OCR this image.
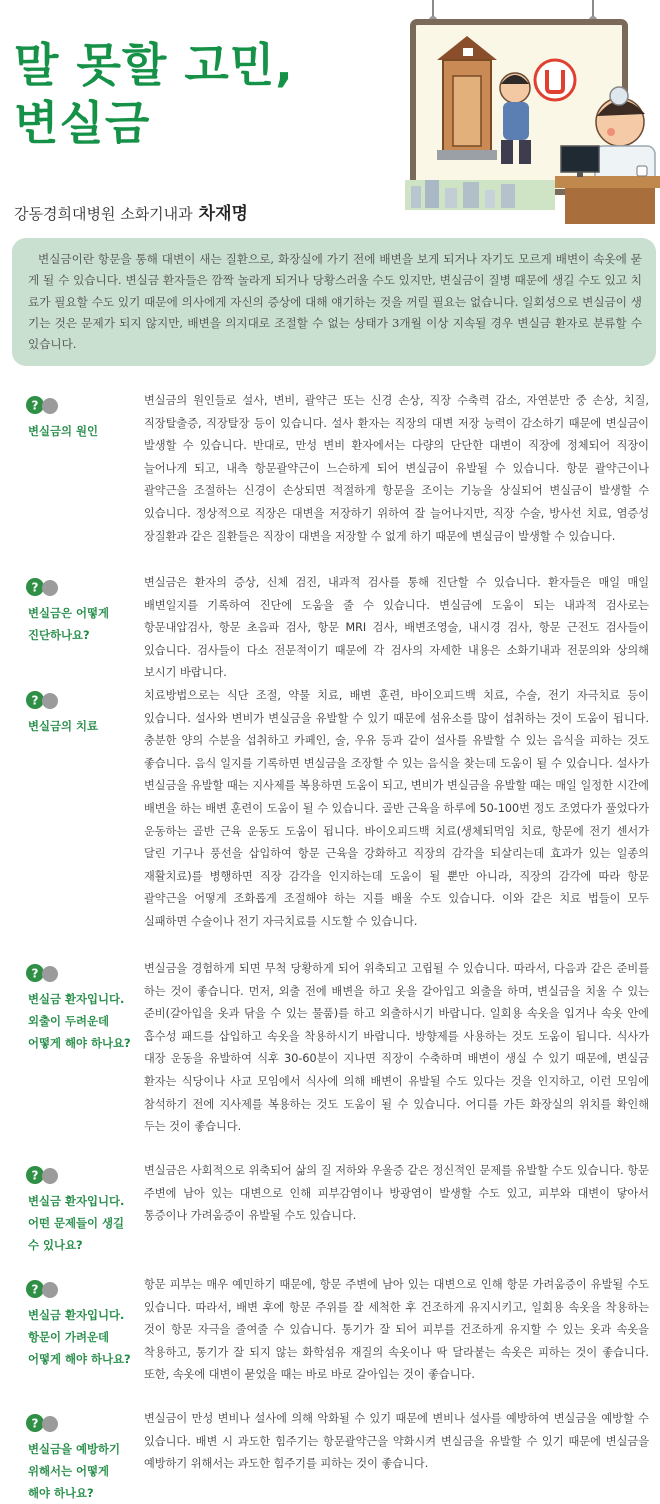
말 못할 고민,
변실금
강동경희대병원 소화기내과 차재명
변실금이란 항문을 통해 대변이 새는 질환으로, 화장실에 가기 전에 배변을 보게 되거나 자기도 모르게 배변이 속옷에 묻게 될 수 있습니다. 변실금 환자들은 깜짝 놀라게 되거나 당황스러울 수도 있지만, 변실금이 질병 때문에 생길 수도 있고 치료가 필요할 수도 있기 때문에 의사에게 자신의 증상에 대해 얘기하는 것을 꺼릴 필요는 없습니다. 일회성으로 변실금이 생기는 것은 문제가 되지 않지만, 배변을 의지대로 조절할 수 없는 상태가 3개월 이상 지속될 경우 변실금 환자로 분류할 수 있습니다.
?
변실금의 원인
변실금의 원인들로 설사, 변비, 괄약근 또는 신경 손상, 직장 수축력 감소, 자연분만 중 손상, 치질, 직장탈출증, 직장탈장 등이 있습니다. 설사 환자는 직장의 대변 저장 능력이 감소하기 때문에 변실금이 발생할 수 있습니다. 반대로, 만성 변비 환자에서는 다량의 단단한 대변이 직장에 정체되어 직장이 늘어나게 되고, 내측 항문괄약근이 느슨하게 되어 변실금이 유발될 수 있습니다. 항문 괄약근이나 괄약근을 조절하는 신경이 손상되면 적절하게 항문을 조이는 기능을 상실되어 변실금이 발생할 수 있습니다. 정상적으로 직장은 대변을 저장하기 위하여 잘 늘어나지만, 직장 수술, 방사선 치료, 염증성 장질환과 같은 질환들은 직장이 대변을 저장할 수 없게 하기 때문에 변실금이 발생할 수 있습니다.
?
변실금은 어떻게 진단하나요?
변실금은 환자의 증상, 신체 검진, 내과적 검사를 통해 진단할 수 있습니다. 환자들은 매일 매일 배변일지를 기록하여 진단에 도움을 줄 수 있습니다. 변실금에 도움이 되는 내과적 검사로는 항문내압검사, 항문 초음파 검사, 항문 MRI 검사, 배변조영술, 내시경 검사, 항문 근전도 검사들이 있습니다. 검사들이 다소 전문적이기 때문에 각 검사의 자세한 내용은 소화기내과 전문의와 상의해 보시기 바랍니다.
?
변실금의 치료
치료방법으로는 식단 조절, 약물 치료, 배변 훈련, 바이오피드백 치료, 수술, 전기 자극치료 등이 있습니다. 설사와 변비가 변실금을 유발할 수 있기 때문에 섬유소를 많이 섭취하는 것이 도움이 됩니다. 충분한 양의 수분을 섭취하고 카페인, 술, 우유 등과 같이 설사를 유발할 수 있는 음식을 피하는 것도 좋습니다. 음식 일지를 기록하면 변실금을 조장할 수 있는 음식을 찾는데 도움이 될 수 있습니다. 설사가 변실금을 유발할 때는 지사제를 복용하면 도움이 되고, 변비가 변실금을 유발할 때는 매일 일정한 시간에 배변을 하는 배변 훈련이 도움이 될 수 있습니다. 골반 근육을 하루에 50-100번 정도 조였다가 풀었다가 운동하는 골반 근육 운동도 도움이 됩니다. 바이오피드백 치료(생체되먹임 치료, 항문에 전기 센서가 달린 기구나 풍선을 삽입하여 항문 근육을 강화하고 직장의 감각을 되살리는데 효과가 있는 일종의 재활치료)를 병행하면 직장 감각을 인지하는데 도움이 될 뿐만 아니라, 직장의 감각에 따라 항문 괄약근을 어떻게 조화롭게 조절해야 하는 지를 배울 수도 있습니다. 이와 같은 치료 법들이 모두 실패하면 수술이나 전기 자극치료를 시도할 수 있습니다.
?
변실금 환자입니다. 외출이 두려운데 어떻게 해야 하나요?
변실금을 경험하게 되면 무척 당황하게 되어 위축되고 고립될 수 있습니다. 따라서, 다음과 같은 준비를 하는 것이 좋습니다. 먼저, 외출 전에 배변을 하고 옷을 갈아입고 외출을 하며, 변실금을 치울 수 있는 준비(갈아입을 옷과 닦을 수 있는 물품)를 하고 외출하시기 바랍니다. 일회용 속옷을 입거나 속옷 안에 흡수성 패드를 삽입하고 속옷을 착용하시기 바랍니다. 방향제를 사용하는 것도 도움이 됩니다. 식사가 대장 운동을 유발하여 식후 30-60분이 지나면 직장이 수축하며 배변이 생실 수 있기 때문에, 변실금 환자는 식당이나 사교 모임에서 식사에 의해 배변이 유발될 수도 있다는 것을 인지하고, 이런 모임에 참석하기 전에 지사제를 복용하는 것도 도움이 될 수 있습니다. 어디를 가든 화장실의 위치를 확인해 두는 것이 좋습니다.
?
변실금 환자입니다. 어떤 문제들이 생길 수 있나요?
변실금은 사회적으로 위축되어 삶의 질 저하와 우울증 같은 정신적인 문제를 유발할 수도 있습니다. 항문 주변에 남아 있는 대변으로 인해 피부감염이나 방광염이 발생할 수도 있고, 피부와 대변이 닿아서 통증이나 가려움증이 유발될 수도 있습니다.
?
변실금 환자입니다. 항문이 가려운데 어떻게 해야 하나요?
항문 피부는 매우 예민하기 때문에, 항문 주변에 남아 있는 대변으로 인해 항문 가려움증이 유발될 수도 있습니다. 따라서, 배변 후에 항문 주위를 잘 세척한 후 건조하게 유지시키고, 일회용 속옷을 착용하는 것이 항문 자극을 줄여줄 수 있습니다. 통기가 잘 되어 피부를 건조하게 유지할 수 있는 옷과 속옷을 착용하고, 통기가 잘 되지 않는 화학섬유 재질의 속옷이나 딱 달라붙는 속옷은 피하는 것이 좋습니다. 또한, 속옷에 대변이 묻었을 때는 바로 바로 갈아입는 것이 좋습니다.
?
변실금을 예방하기 위해서는 어떻게 해야 하나요?
변실금이 만성 변비나 설사에 의해 악화될 수 있기 때문에 변비나 설사를 예방하여 변실금을 예방할 수 있습니다. 배변 시 과도한 힘주기는 항문괄약근을 약화시켜 변실금을 유발할 수 있기 때문에 변실금을 예방하기 위해서는 과도한 힘주기를 피하는 것이 좋습니다.
